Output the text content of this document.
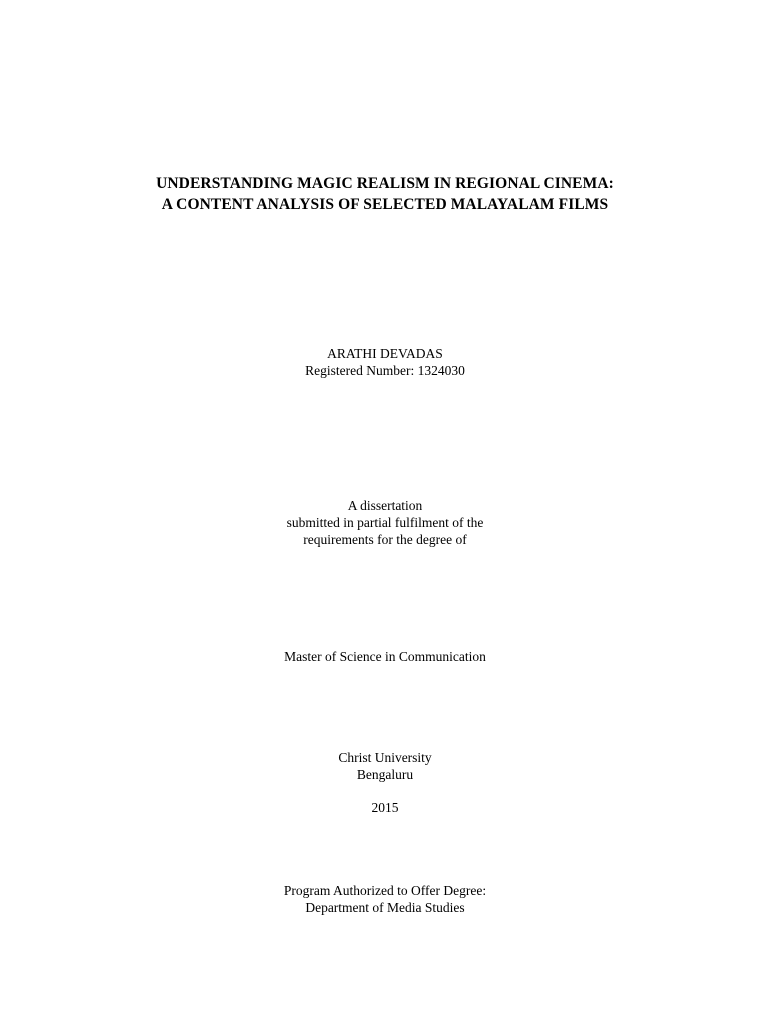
UNDERSTANDING MAGIC REALISM IN REGIONAL CINEMA:
A CONTENT ANALYSIS OF SELECTED MALAYALAM FILMS
ARATHI DEVADAS
Registered Number: 1324030
A dissertation
submitted in partial fulfilment of the
requirements for the degree of
Master of Science in Communication
Christ University
Bengaluru
2015
Program Authorized to Offer Degree:
Department of Media Studies
